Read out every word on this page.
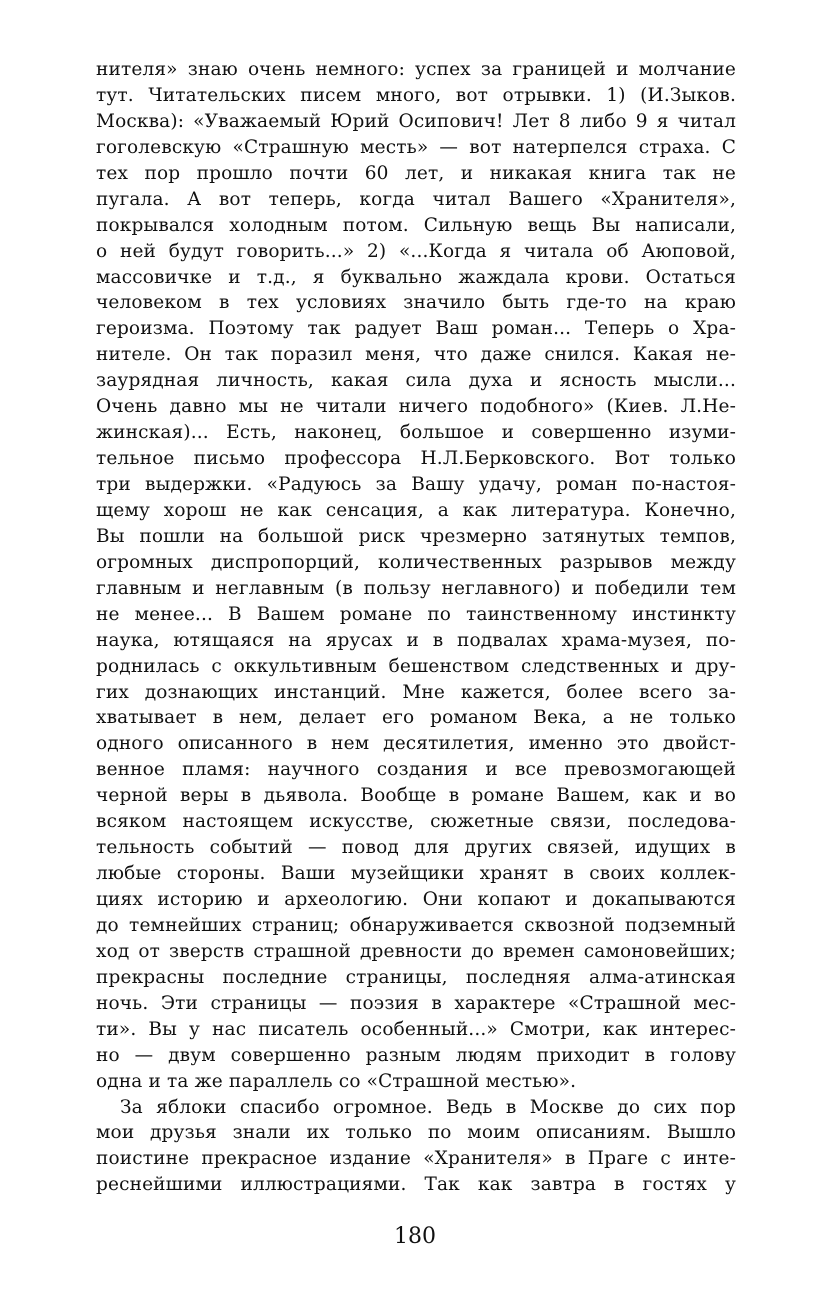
нителя» знаю очень немного: успех за границей и молчание
тут. Читательских писем много, вот отрывки. 1) (И.Зыков.
Москва): «Уважаемый Юрий Осипович! Лет 8 либо 9 я читал
гоголевскую «Страшную месть» — вот натерпелся страха. С
тех пор прошло почти 60 лет, и никакая книга так не
пугала. А вот теперь, когда читал Вашего «Хранителя»,
покрывался холодным потом. Сильную вещь Вы написали,
о ней будут говорить...» 2) «...Когда я читала об Аюповой,
массовичке и т.д., я буквально жаждала крови. Остаться
человеком в тех условиях значило быть где-то на краю
героизма. Поэтому так радует Ваш роман... Теперь о Хра-
нителе. Он так поразил меня, что даже снился. Какая не-
заурядная личность, какая сила духа и ясность мысли...
Очень давно мы не читали ничего подобного» (Киев. Л.Не-
жинская)... Есть, наконец, большое и совершенно изуми-
тельное письмо профессора Н.Л.Берковского. Вот только
три выдержки. «Радуюсь за Вашу удачу, роман по-настоя-
щему хорош не как сенсация, а как литература. Конечно,
Вы пошли на большой риск чрезмерно затянутых темпов,
огромных диспропорций, количественных разрывов между
главным и неглавным (в пользу неглавного) и победили тем
не менее... В Вашем романе по таинственному инстинкту
наука, ютящаяся на ярусах и в подвалах храма-музея, по-
роднилась с оккультивным бешенством следственных и дру-
гих дознающих инстанций. Мне кажется, более всего за-
хватывает в нем, делает его романом Века, а не только
одного описанного в нем десятилетия, именно это двойст-
венное пламя: научного создания и все превозмогающей
черной веры в дьявола. Вообще в романе Вашем, как и во
всяком настоящем искусстве, сюжетные связи, последова-
тельность событий — повод для других связей, идущих в
любые стороны. Ваши музейщики хранят в своих коллек-
циях историю и археологию. Они копают и докапываются
до темнейших страниц; обнаруживается сквозной подземный
ход от зверств страшной древности до времен самоновейших;
прекрасны последние страницы, последняя алма-атинская
ночь. Эти страницы — поэзия в характере «Страшной мес-
ти». Вы у нас писатель особенный...» Смотри, как интерес-
но — двум совершенно разным людям приходит в голову
одна и та же параллель со «Страшной местью».
За яблоки спасибо огромное. Ведь в Москве до сих пор
мои друзья знали их только по моим описаниям. Вышло
поистине прекрасное издание «Хранителя» в Праге с инте-
реснейшими иллюстрациями. Так как завтра в гостях у
180
